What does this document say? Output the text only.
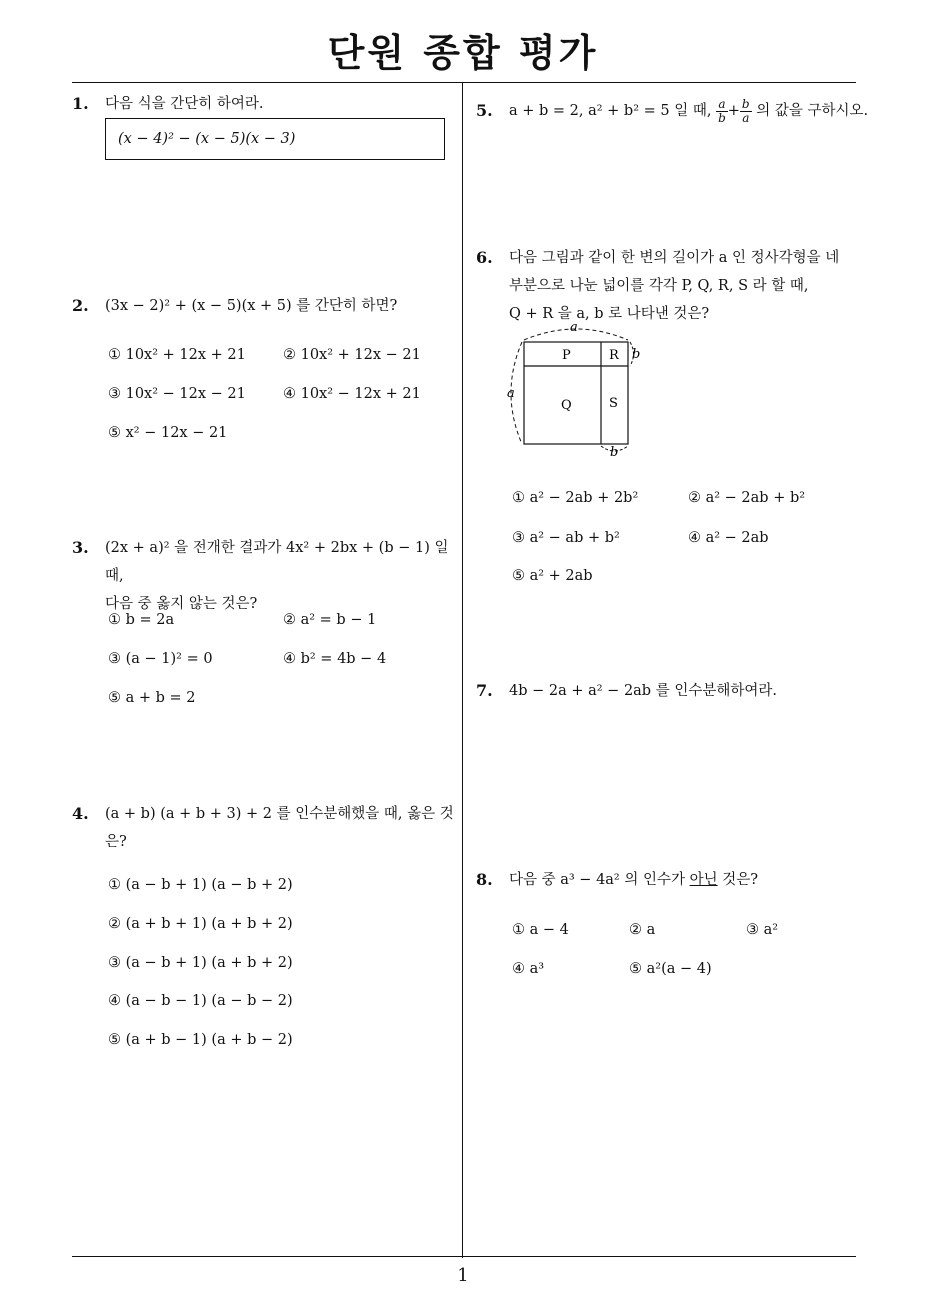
단원 종합 평가
1
1. 다음 식을 간단히 하여라.
(x − 4)² − (x − 5)(x − 3)
2. (3x − 2)² + (x − 5)(x + 5) 를 간단히 하면?
① 10x² + 12x + 21	② 10x² + 12x − 21
③ 10x² − 12x − 21	④ 10x² − 12x + 21
⑤ x² − 12x − 21
3. (2x + a)² 을 전개한 결과가 4x² + 2bx + (b − 1) 일 때,
다음 중 옳지 않는 것은?
① b = 2a	② a² = b − 1
③ (a − 1)² = 0	④ b² = 4b − 4
⑤ a + b = 2
4. (a + b) (a + b + 3) + 2 를 인수분해했을 때, 옳은 것
은?
① (a − b + 1) (a − b + 2)
② (a + b + 1) (a + b + 2)
③ (a − b + 1) (a + b + 2)
④ (a − b − 1) (a − b − 2)
⑤ (a + b − 1) (a + b − 2)
5. a + b = 2, a² + b² = 5 일 때, $\frac{a}{b} + \frac{b}{a}$ 의 값을 구하시오.
6. 다음 그림과 같이 한 변의 길이가 a 인 정사각형을 네
부분으로 나눈 넓이를 각각 P, Q, R, S 라 할 때,
Q + R 을 a, b 로 나타낸 것은?
P
Q
R
S
a
a
b
b
① a² − 2ab + 2b²	② a² − 2ab + b²
③ a² − ab + b²	④ a² − 2ab
⑤ a² + 2ab
7. 4b − 2a + a² − 2ab 를 인수분해하여라.
8. 다음 중 a³ − 4a² 의 인수가 아닌 것은?
① a − 4	② a	③ a²
④ a³	⑤ a²(a − 4)
